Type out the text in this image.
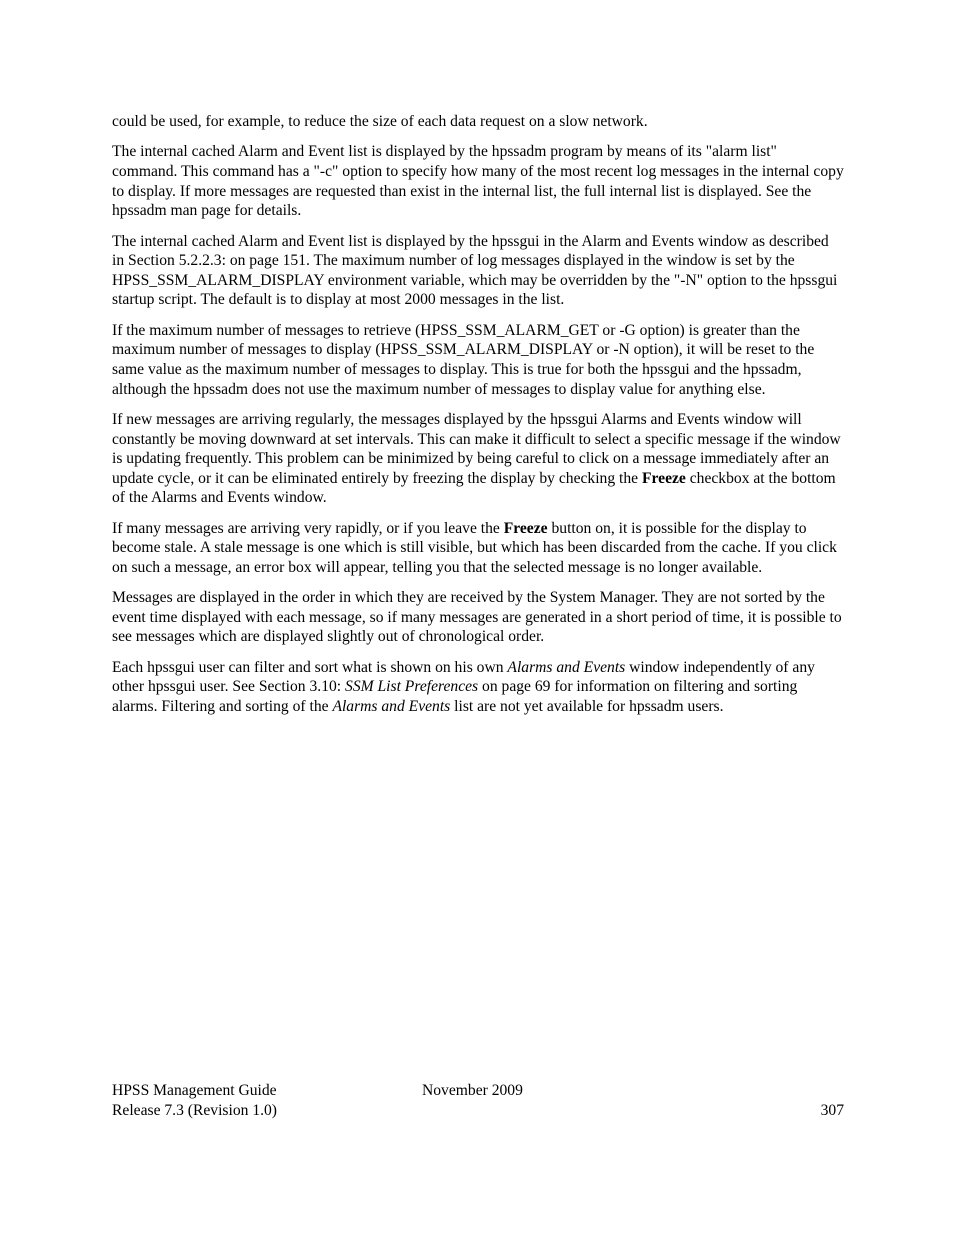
could be used, for example, to reduce the size of each data request on a slow network.

The internal cached Alarm and Event list is displayed by the hpssadm program by means of its "alarm list" command. This command has a "-c" option to specify how many of the most recent log messages in the internal copy to display. If more messages are requested than exist in the internal list, the full internal list is displayed. See the hpssadm man page for details.

The internal cached Alarm and Event list is displayed by the hpssgui in the Alarm and Events window as described in Section 5.2.2.3: on page 151. The maximum number of log messages displayed in the window is set by the HPSS_SSM_ALARM_DISPLAY environment variable, which may be overridden by the "-N" option to the hpssgui startup script. The default is to display at most 2000 messages in the list.

If the maximum number of messages to retrieve (HPSS_SSM_ALARM_GET or -G option) is greater than the maximum number of messages to display (HPSS_SSM_ALARM_DISPLAY or -N option), it will be reset to the same value as the maximum number of messages to display. This is true for both the hpssgui and the hpssadm, although the hpssadm does not use the maximum number of messages to display value for anything else.

If new messages are arriving regularly, the messages displayed by the hpssgui Alarms and Events window will constantly be moving downward at set intervals. This can make it difficult to select a specific message if the window is updating frequently. This problem can be minimized by being careful to click on a message immediately after an update cycle, or it can be eliminated entirely by freezing the display by checking the Freeze checkbox at the bottom of the Alarms and Events window.

If many messages are arriving very rapidly, or if you leave the Freeze button on, it is possible for the display to become stale. A stale message is one which is still visible, but which has been discarded from the cache. If you click on such a message, an error box will appear, telling you that the selected message is no longer available.

Messages are displayed in the order in which they are received by the System Manager. They are not sorted by the event time displayed with each message, so if many messages are generated in a short period of time, it is possible to see messages which are displayed slightly out of chronological order.

Each hpssgui user can filter and sort what is shown on his own Alarms and Events window independently of any other hpssgui user. See Section 3.10: SSM List Preferences on page 69 for information on filtering and sorting alarms. Filtering and sorting of the Alarms and Events list are not yet available for hpssadm users.

HPSS Management Guide	November 2009
Release 7.3 (Revision 1.0)	307
